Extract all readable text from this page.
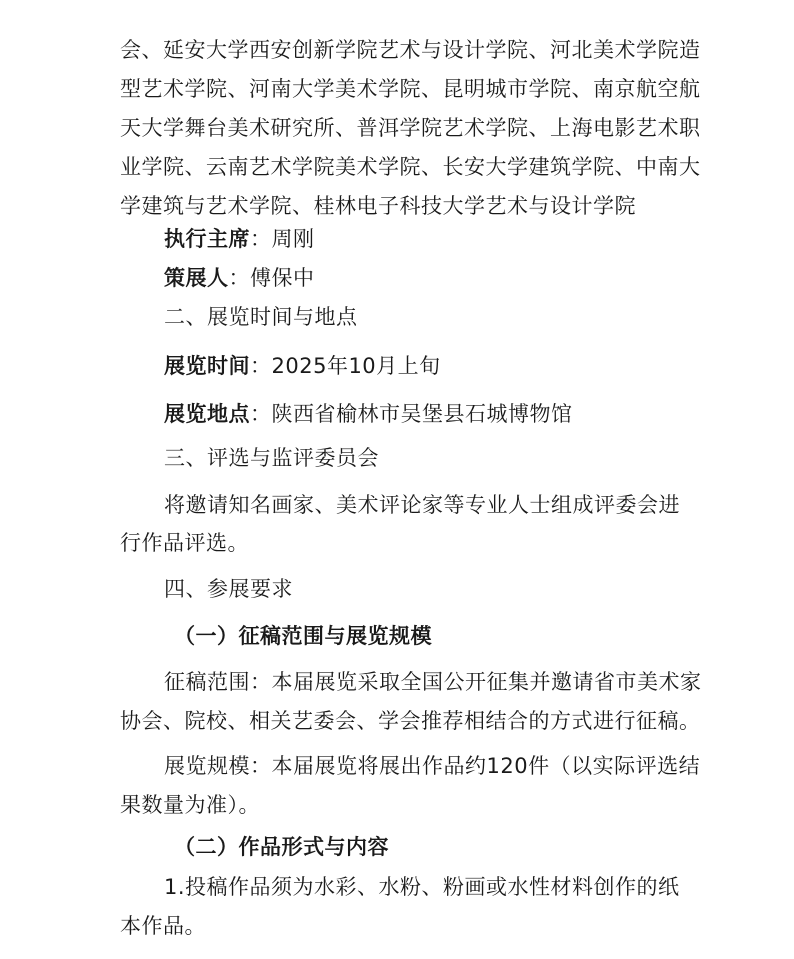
会、延安大学西安创新学院艺术与设计学院、河北美术学院造
型艺术学院、河南大学美术学院、昆明城市学院、南京航空航
天大学舞台美术研究所、普洱学院艺术学院、上海电影艺术职
业学院、云南艺术学院美术学院、长安大学建筑学院、中南大
学建筑与艺术学院、桂林电子科技大学艺术与设计学院
执行主席：周刚
策展人：傅保中
二、展览时间与地点
展览时间：2025年10月上旬
展览地点：陕西省榆林市吴堡县石城博物馆
三、评选与监评委员会
将邀请知名画家、美术评论家等专业人士组成评委会进
行作品评选。
四、参展要求
（一）征稿范围与展览规模
征稿范围：本届展览采取全国公开征集并邀请省市美术家
协会、院校、相关艺委会、学会推荐相结合的方式进行征稿。
展览规模：本届展览将展出作品约120件（以实际评选结
果数量为准）。
（二）作品形式与内容
1.投稿作品须为水彩、水粉、粉画或水性材料创作的纸
本作品。
